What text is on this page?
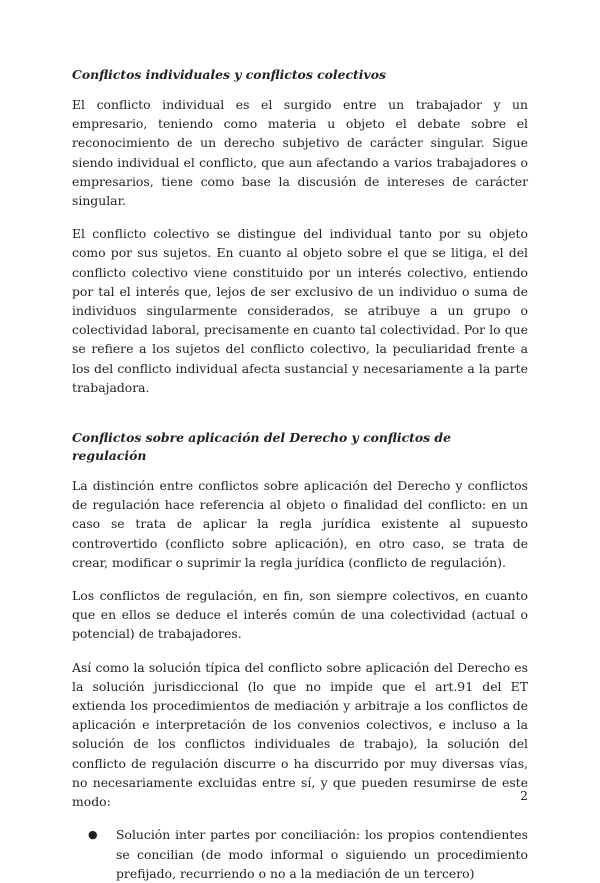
Conflictos individuales y conflictos colectivos

El conflicto individual es el surgido entre un trabajador y un empresario, teniendo como materia u objeto el debate sobre el reconocimiento de un derecho subjetivo de carácter singular. Sigue siendo individual el conflicto, que aun afectando a varios trabajadores o empresarios, tiene como base la discusión de intereses de carácter singular.

El conflicto colectivo se distingue del individual tanto por su objeto como por sus sujetos. En cuanto al objeto sobre el que se litiga, el del conflicto colectivo viene constituido por un interés colectivo, entiendo por tal el interés que, lejos de ser exclusivo de un individuo o suma de individuos singularmente considerados, se atribuye a un grupo o colectividad laboral, precisamente en cuanto tal colectividad. Por lo que se refiere a los sujetos del conflicto colectivo, la peculiaridad frente a los del conflicto individual afecta sustancial y necesariamente a la parte trabajadora.

Conflictos sobre aplicación del Derecho y conflictos de regulación

La distinción entre conflictos sobre aplicación del Derecho y conflictos de regulación hace referencia al objeto o finalidad del conflicto: en un caso se trata de aplicar la regla jurídica existente al supuesto controvertido (conflicto sobre aplicación), en otro caso, se trata de crear, modificar o suprimir la regla jurídica (conflicto de regulación).

Los conflictos de regulación, en fin, son siempre colectivos, en cuanto que en ellos se deduce el interés común de una colectividad (actual o potencial) de trabajadores.

Así como la solución típica del conflicto sobre aplicación del Derecho es la solución jurisdiccional (lo que no impide que el art.91 del ET extienda los procedimientos de mediación y arbitraje a los conflictos de aplicación e interpretación de los convenios colectivos, e incluso a la solución de los conflictos individuales de trabajo), la solución del conflicto de regulación discurre o ha discurrido por muy diversas vías, no necesariamente excluidas entre sí, y que pueden resumirse de este modo:

● Solución inter partes por conciliación: los propios contendientes se concilian (de modo informal o siguiendo un procedimiento prefijado, recurriendo o no a la mediación de un tercero)
2
